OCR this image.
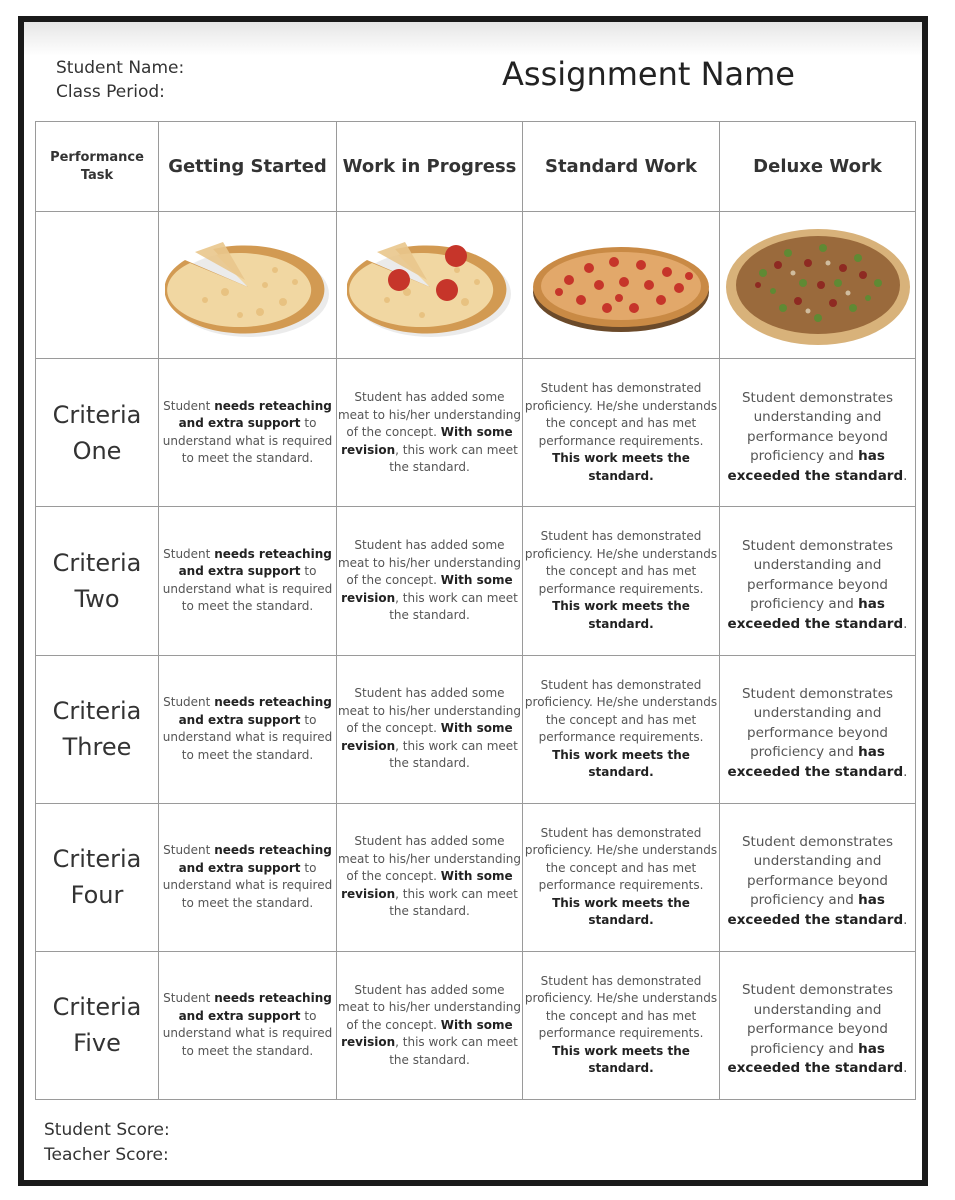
Student Name:
Class Period:	Assignment Name
Performance
Task	Getting Started	Work in Progress	Standard Work	Deluxe Work

Criteria
One	Student needs reteaching and extra support to understand what is required to meet the standard.	Student has added some meat to his/her understanding of the concept. With some revision, this work can meet the standard.	Student has demonstrated proficiency. He/she understands the concept and has met performance requirements. This work meets the standard.	Student demonstrates understanding and performance beyond proficiency and has exceeded the standard.

Criteria
Two	Student needs reteaching and extra support to understand what is required to meet the standard.	Student has added some meat to his/her understanding of the concept. With some revision, this work can meet the standard.	Student has demonstrated proficiency. He/she understands the concept and has met performance requirements. This work meets the standard.	Student demonstrates understanding and performance beyond proficiency and has exceeded the standard.

Criteria
Three	Student needs reteaching and extra support to understand what is required to meet the standard.	Student has added some meat to his/her understanding of the concept. With some revision, this work can meet the standard.	Student has demonstrated proficiency. He/she understands the concept and has met performance requirements. This work meets the standard.	Student demonstrates understanding and performance beyond proficiency and has exceeded the standard.

Criteria
Four	Student needs reteaching and extra support to understand what is required to meet the standard.	Student has added some meat to his/her understanding of the concept. With some revision, this work can meet the standard.	Student has demonstrated proficiency. He/she understands the concept and has met performance requirements. This work meets the standard.	Student demonstrates understanding and performance beyond proficiency and has exceeded the standard.

Criteria
Five	Student needs reteaching and extra support to understand what is required to meet the standard.	Student has added some meat to his/her understanding of the concept. With some revision, this work can meet the standard.	Student has demonstrated proficiency. He/she understands the concept and has met performance requirements. This work meets the standard.	Student demonstrates understanding and performance beyond proficiency and has exceeded the standard.
Student Score:
Teacher Score:
